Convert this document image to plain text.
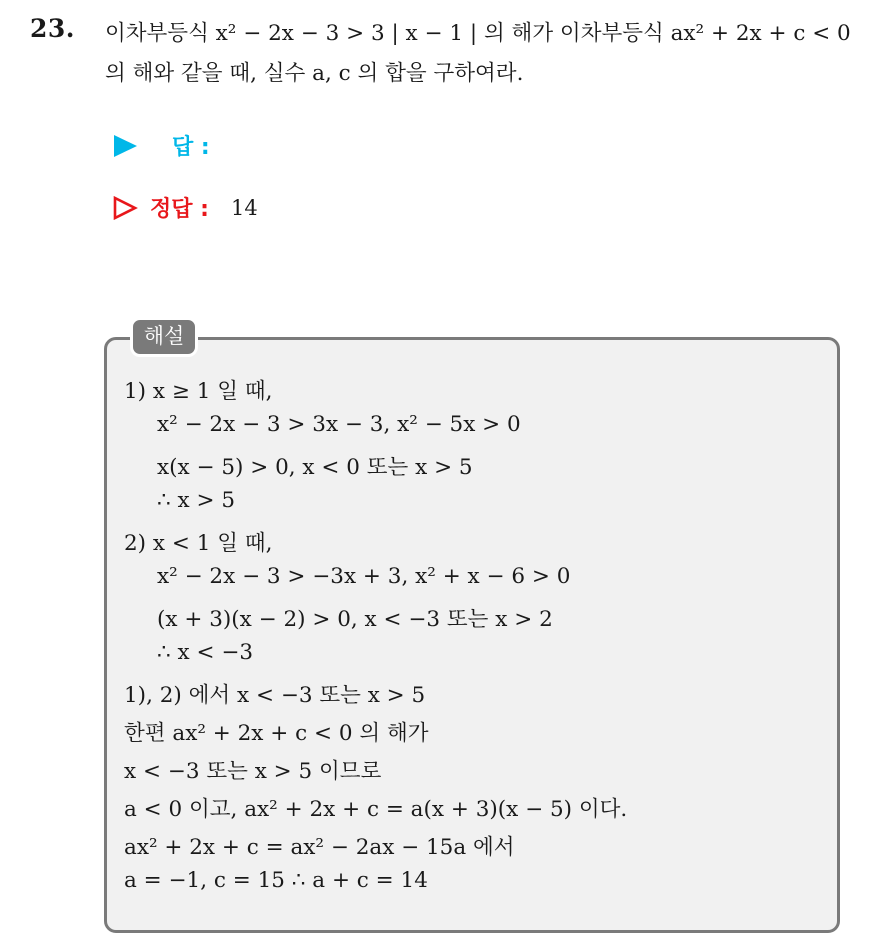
23. 이차부등식 x² − 2x − 3 > 3 | x − 1 | 의 해가 이차부등식 ax² + 2x + c < 0
의 해와 같을 때, 실수 a, c 의 합을 구하여라.
답 :
정답 : 14
해설
1) x ≥ 1 일 때,
x² − 2x − 3 > 3x − 3, x² − 5x > 0
x(x − 5) > 0, x < 0 또는 x > 5
∴ x > 5
2) x < 1 일 때,
x² − 2x − 3 > −3x + 3, x² + x − 6 > 0
(x + 3)(x − 2) > 0, x < −3 또는 x > 2
∴ x < −3
1), 2) 에서 x < −3 또는 x > 5
한편 ax² + 2x + c < 0 의 해가
x < −3 또는 x > 5 이므로
a < 0 이고, ax² + 2x + c = a(x + 3)(x − 5) 이다.
ax² + 2x + c = ax² − 2ax − 15a 에서
a = −1, c = 15 ∴ a + c = 14
